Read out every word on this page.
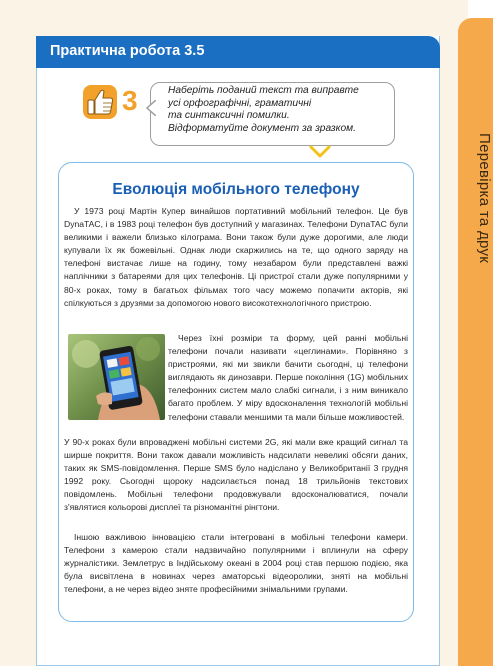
Перевірка та друк
Практична робота 3.5
3	Наберіть поданий текст та виправте
усі орфографічні, граматичні
та синтаксичні помилки.
Відформатуйте документ за зразком.
Еволюція мобільного телефону

У 1973 році Мартін Купер винайшов портативний мобільний телефон. Це був DynaTAC, і в 1983 році телефон був доступний у магазинах. Телефони DynaTAC були великими і важели близько кілограма. Вони також були дуже дорогими, але люди купували їх як божевільні. Однак люди скаржились на те, що одного заряду на телефоні вистачає лише на годину, тому незабаром були представлені важкі наплічники з батареями для цих телефонів. Ці пристрої стали дуже популярними у 80-х роках, тому в багатьох фільмах того часу можемо попачити акторів, які спілкуються з друзями за допомогою нового високотехнологічного пристрою.

Через їхні розміри та форму, цей ранні мобільні телефони почали називати «цеглинами». Порівняно з пристроями, які ми звикли бачити сьогодні, ці телефони виглядають як динозаври. Перше покоління (1G) мобільних телефонних систем мало слабкі сигнали, і з ним виникало багато проблем. У міру вдосконалення технологій мобільні телефони ставали меншими та мали більше можливостей.

У 90-х роках були впроваджені мобільні системи 2G, які мали вже кращий сигнал та ширше покриття. Вони також давали можливість надсилати невеликі обсяги даних, таких як SMS-повідомлення. Перше SMS було надіслано у Великобританії 3 грудня 1992 року. Сьогодні щороку надсилається понад 18 трильйонів текстових повідомлень. Мобільні телефони продовжували вдосконалюватися, почали з'являтися кольорові дисплеї та різноманітні рінгтони.

Іншою важливою інновацією стали інтегровані в мобільні телефони камери. Телефони з камерою стали надзвичайно популярними і вплинули на сферу журналістики. Землетрус в Індійському океані в 2004 році став першою подією, яка була висвітлена в новинах через аматорські відеоролики, зняті на мобільні телефони, а не через відео зняте професійними знімальними групами.
